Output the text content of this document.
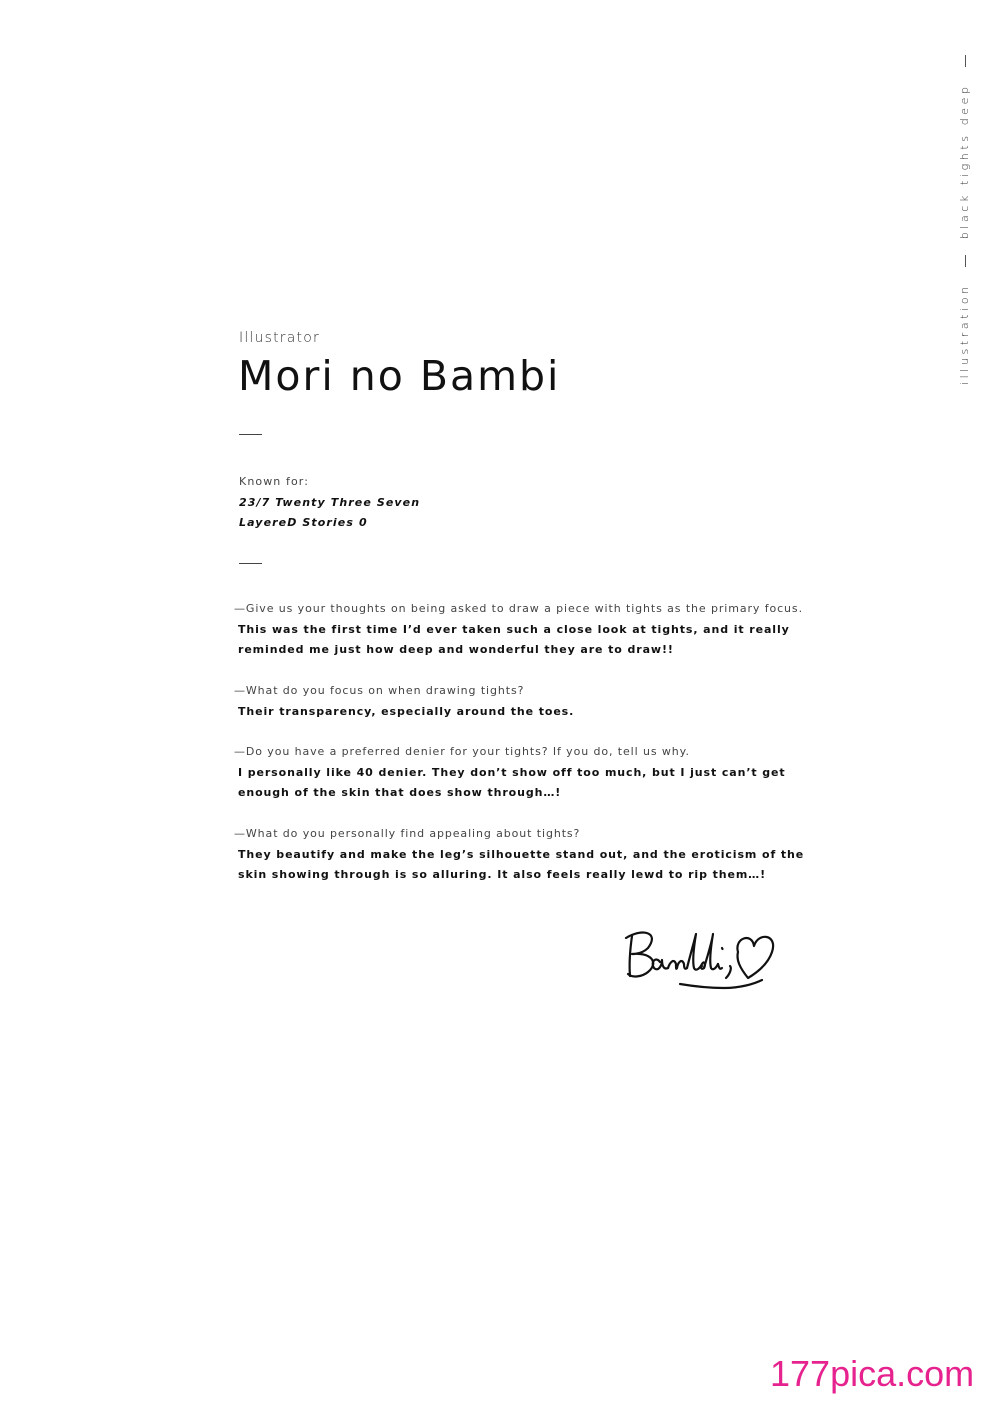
Illustrator
Mori no Bambi
Known for:
23/7 Twenty Three Seven
LayereD Stories 0
—Give us your thoughts on being asked to draw a piece with tights as the primary focus.
This was the first time I’d ever taken such a close look at tights, and it really reminded me just how deep and wonderful they are to draw!!
—What do you focus on when drawing tights?
Their transparency, especially around the toes.
—Do you have a preferred denier for your tights? If you do, tell us why.
I personally like 40 denier. They don’t show off too much, but I just can’t get enough of the skin that does show through…!
—What do you personally find appealing about tights?
They beautify and make the leg’s silhouette stand out, and the eroticism of the skin showing through is so alluring. It also feels really lewd to rip them…!
illustrationblack tights deep
177pica.com
